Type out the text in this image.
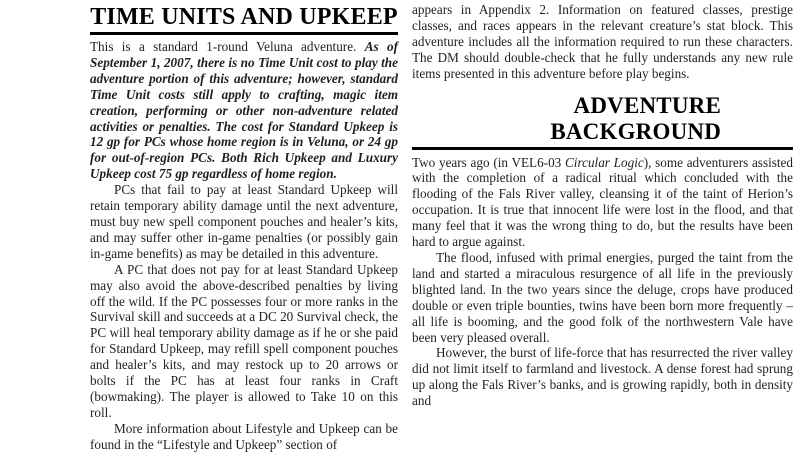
TIME UNITS AND UPKEEP

This is a standard 1-round Veluna adventure. As of September 1, 2007, there is no Time Unit cost to play the adventure portion of this adventure; however, standard Time Unit costs still apply to crafting, magic item creation, performing or other non-adventure related activities or penalties. The cost for Standard Upkeep is 12 gp for PCs whose home region is in Veluna, or 24 gp for out-of-region PCs. Both Rich Upkeep and Luxury Upkeep cost 75 gp regardless of home region.

PCs that fail to pay at least Standard Upkeep will retain temporary ability damage until the next adventure, must buy new spell component pouches and healer’s kits, and may suffer other in-game penalties (or possibly gain in-game benefits) as may be detailed in this adventure.

A PC that does not pay for at least Standard Upkeep may also avoid the above-described penalties by living off the wild. If the PC possesses four or more ranks in the Survival skill and succeeds at a DC 20 Survival check, the PC will heal temporary ability damage as if he or she paid for Standard Upkeep, may refill spell component pouches and healer’s kits, and may restock up to 20 arrows or bolts if the PC has at least four ranks in Craft (bowmaking). The player is allowed to Take 10 on this roll.

More information about Lifestyle and Upkeep can be found in the “Lifestyle and Upkeep” section of

appears in Appendix 2. Information on featured classes, prestige classes, and races appears in the relevant creature’s stat block. This adventure includes all the information required to run these characters. The DM should double-check that he fully understands any new rule items presented in this adventure before play begins.

ADVENTURE
BACKGROUND

Two years ago (in VEL6-03 Circular Logic), some adventurers assisted with the completion of a radical ritual which concluded with the flooding of the Fals River valley, cleansing it of the taint of Herion’s occupation. It is true that innocent life were lost in the flood, and that many feel that it was the wrong thing to do, but the results have been hard to argue against.

The flood, infused with primal energies, purged the taint from the land and started a miraculous resurgence of all life in the previously blighted land. In the two years since the deluge, crops have produced double or even triple bounties, twins have been born more frequently – all life is booming, and the good folk of the northwestern Vale have been very pleased overall.

However, the burst of life-force that has resurrected the river valley did not limit itself to farmland and livestock. A dense forest had sprung up along the Fals River’s banks, and is growing rapidly, both in density and
